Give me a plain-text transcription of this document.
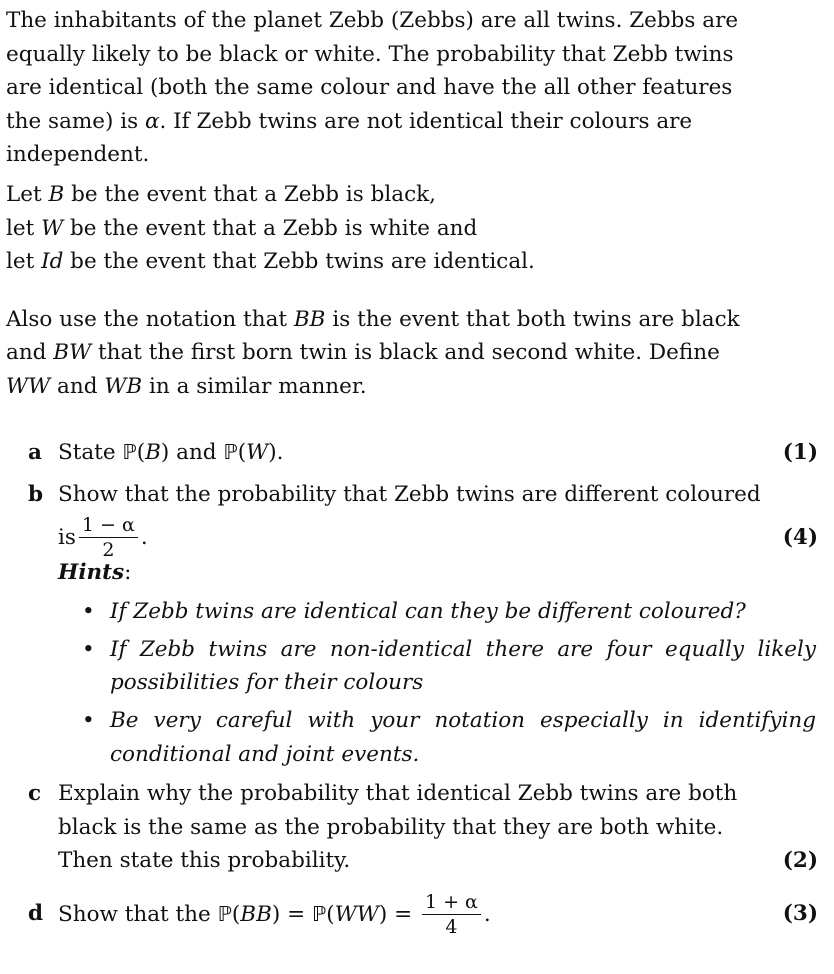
The inhabitants of the planet Zebb (Zebbs) are all twins. Zebbs are
equally likely to be black or white. The probability that Zebb twins
are identical (both the same colour and have the all other features
the same) is α. If Zebb twins are not identical their colours are
independent.

Let B be the event that a Zebb is black,
let W be the event that a Zebb is white and
let Id be the event that Zebb twins are identical.

Also use the notation that BB is the event that both twins are black
and BW that the first born twin is black and second white. Define
WW and WB in a similar manner.

a State ℙ(B) and ℙ(W).	(1)
b Show that the probability that Zebb twins are different coloured
is $\frac{1 - \alpha}{2}$ .	(4)
Hints:
• If Zebb twins are identical can they be different coloured?
• If Zebb twins are non-identical there are four equally likely possibilities for their colours
• Be very careful with your notation especially in identifying conditional and joint events.
c Explain why the probability that identical Zebb twins are both
black is the same as the probability that they are both white.
Then state this probability.	(2)
d Show that the ℙ(BB) = ℙ(WW) = $\frac{1 + \alpha}{4}$ .	(3)
